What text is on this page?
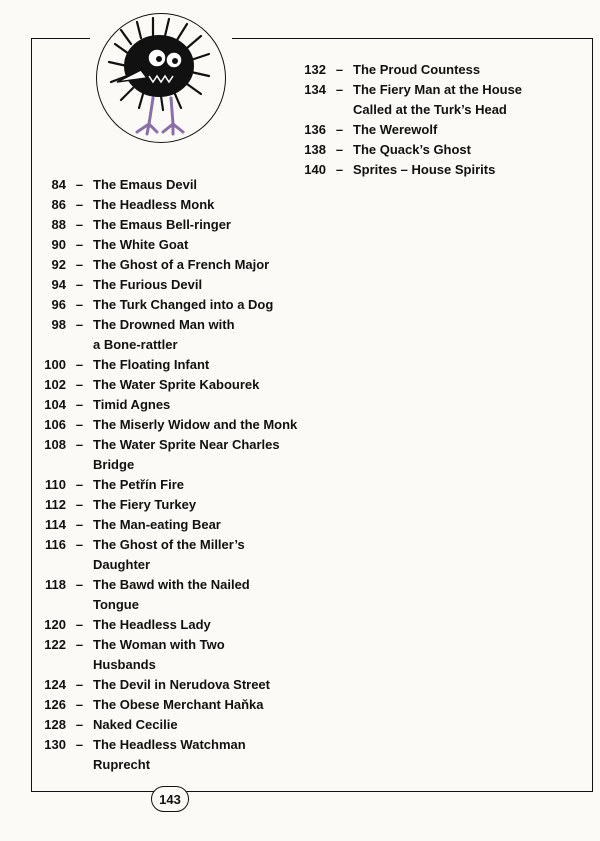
84 – The Emaus Devil
86 – The Headless Monk
88 – The Emaus Bell-ringer
90 – The White Goat
92 – The Ghost of a French Major
94 – The Furious Devil
96 – The Turk Changed into a Dog
98 – The Drowned Man with
a Bone-rattler
100 – The Floating Infant
102 – The Water Sprite Kabourek
104 – Timid Agnes
106 – The Miserly Widow and the Monk
108 – The Water Sprite Near Charles
Bridge
110 – The Petřín Fire
112 – The Fiery Turkey
114 – The Man-eating Bear
116 – The Ghost of the Miller’s
Daughter
118 – The Bawd with the Nailed
Tongue
120 – The Headless Lady
122 – The Woman with Two
Husbands
124 – The Devil in Nerudova Street
126 – The Obese Merchant Haňka
128 – Naked Cecilie
130 – The Headless Watchman
Ruprecht
132 – The Proud Countess
134 – The Fiery Man at the House
Called at the Turk’s Head
136 – The Werewolf
138 – The Quack’s Ghost
140 – Sprites – House Spirits
143
